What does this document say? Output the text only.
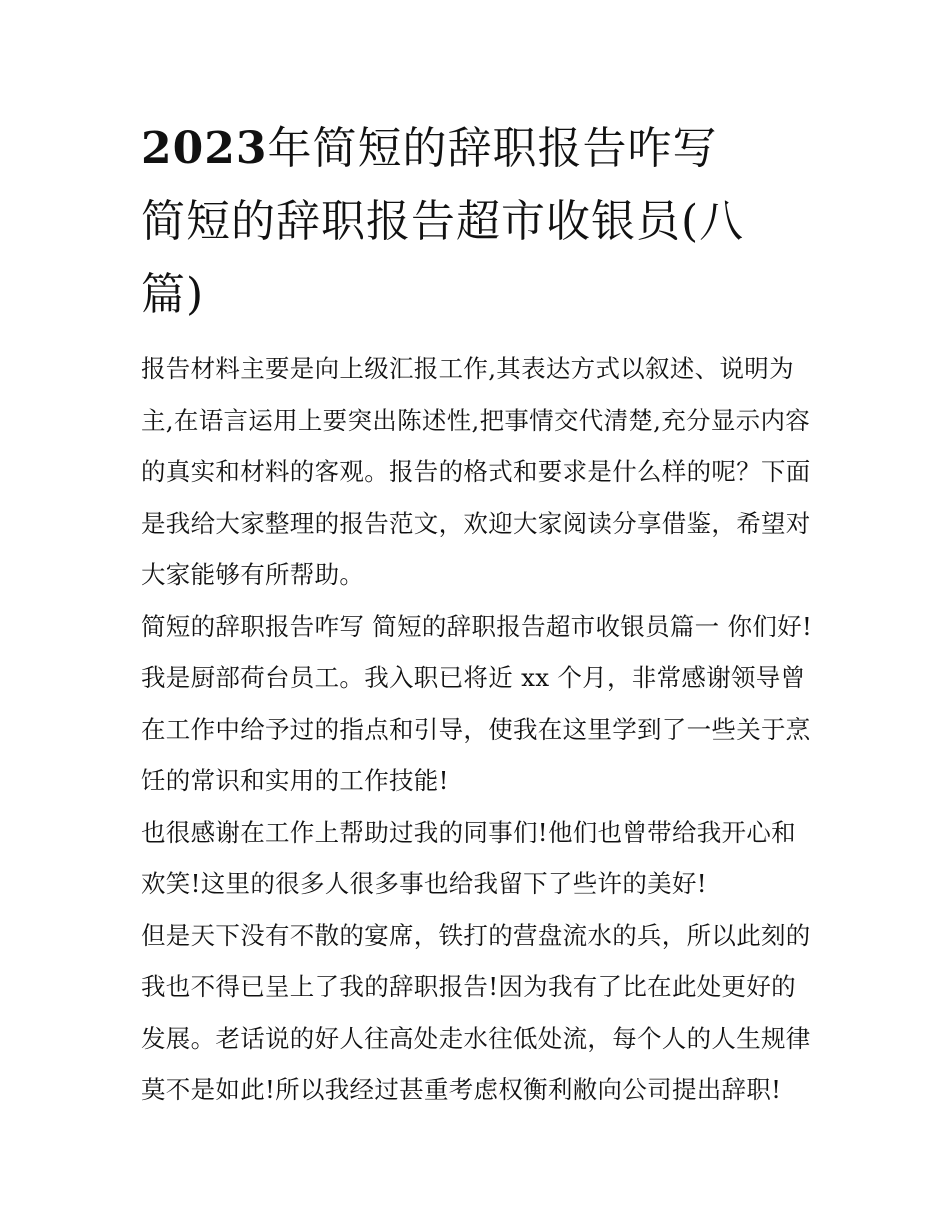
2023年简短的辞职报告咋写
简短的辞职报告超市收银员(八
篇)

报告材料主要是向上级汇报工作,其表达方式以叙述、说明为
主,在语言运用上要突出陈述性,把事情交代清楚,充分显示内容
的真实和材料的客观。报告的格式和要求是什么样的呢？下面
是我给大家整理的报告范文，欢迎大家阅读分享借鉴，希望对
大家能够有所帮助。

简短的辞职报告咋写 简短的辞职报告超市收银员篇一 你们好!
我是厨部荷台员工。我入职已将近 xx 个月，非常感谢领导曾
在工作中给予过的指点和引导，使我在这里学到了一些关于烹
饪的常识和实用的工作技能!

也很感谢在工作上帮助过我的同事们!他们也曾带给我开心和
欢笑!这里的很多人很多事也给我留下了些许的美好!

但是天下没有不散的宴席，铁打的营盘流水的兵，所以此刻的
我也不得已呈上了我的辞职报告!因为我有了比在此处更好的
发展。老话说的好人往高处走水往低处流，每个人的人生规律
莫不是如此!所以我经过甚重考虑权衡利敝向公司提出辞职!
